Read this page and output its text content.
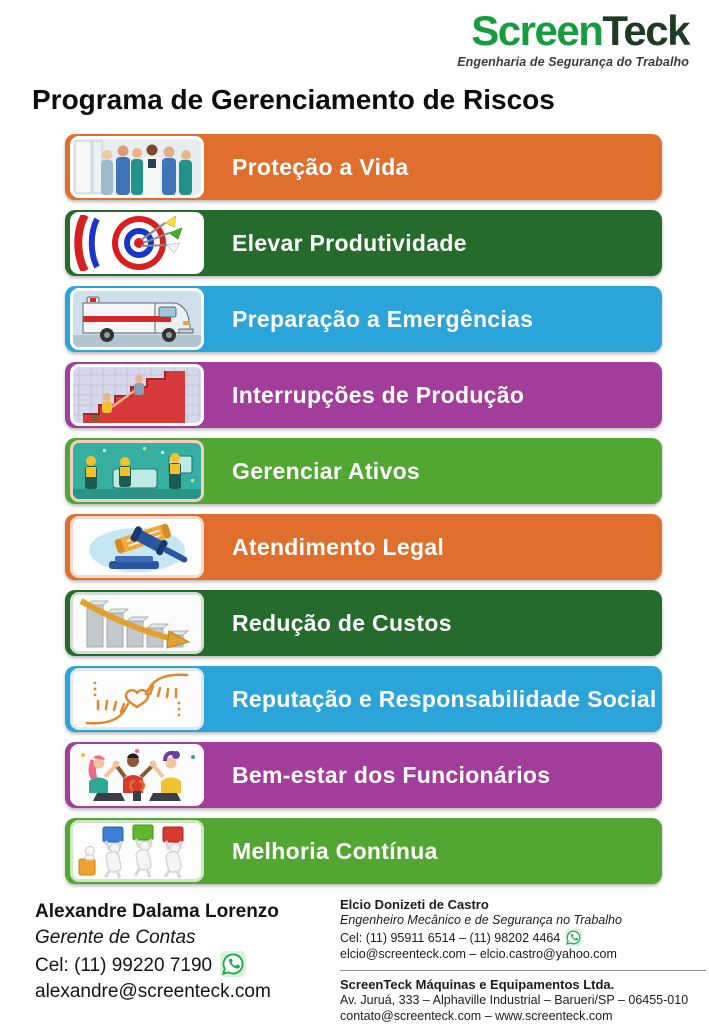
ScreenTeck
Engenharia de Segurança do Trabalho
Programa de Gerenciamento de Riscos
Proteção a Vida
Elevar Produtividade
Preparação a Emergências
Interrupções de Produção
Gerenciar Ativos
Atendimento Legal
Redução de Custos
Reputação e Responsabilidade Social
Bem-estar dos Funcionários
Melhoria Contínua
Alexandre Dalama Lorenzo
Gerente de Contas
Cel: (11) 99220 7190
alexandre@screenteck.com
Elcio Donizeti de Castro
Engenheiro Mecânico e de Segurança no Trabalho
Cel: (11) 95911 6514 – (11) 98202 4464
elcio@screenteck.com – elcio.castro@yahoo.com
ScreenTeck Máquinas e Equipamentos Ltda.
Av. Juruá, 333 – Alphaville Industrial – Barueri/SP – 06455-010
contato@screenteck.com – www.screenteck.com
